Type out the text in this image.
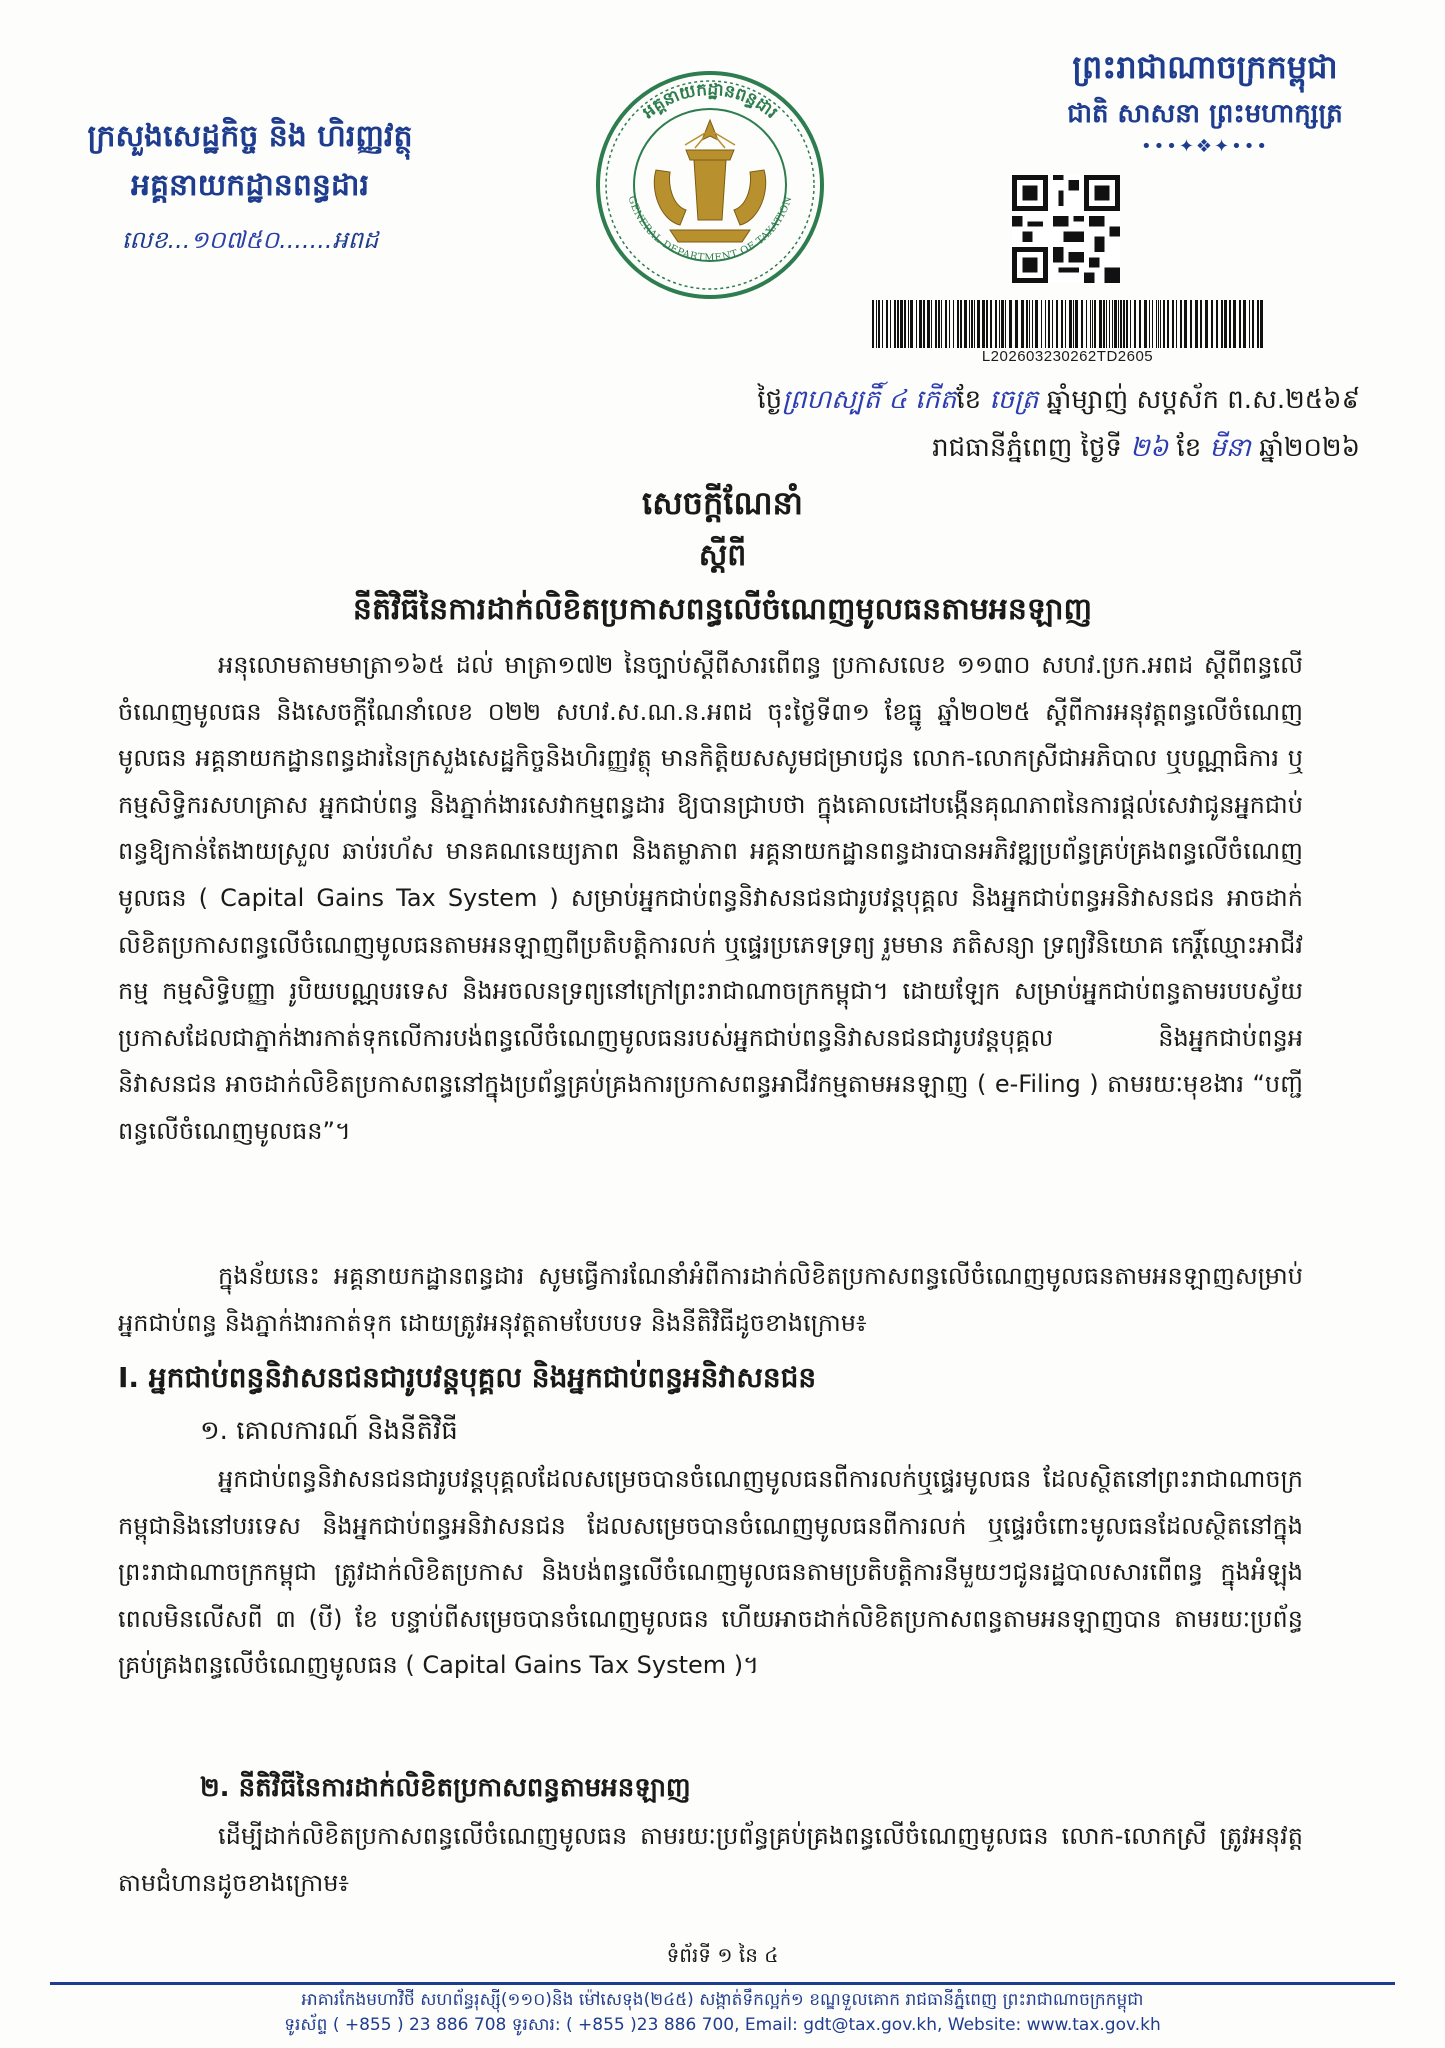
ក្រសួងសេដ្ឋកិច្ច និង ហិរញ្ញវត្ថុ
អគ្គនាយកដ្ឋានពន្ធដារ
លេខ...១០៧៥០.......អពដ
អគ្គនាយកដ្ឋានពន្ធដារ
GENERAL DEPARTMENT OF TAXATION
ព្រះរាជាណាចក្រកម្ពុជា
ជាតិ សាសនា ព្រះមហាក្សត្រ
•••✦❖✦•••
L202603230262TD2605
ថ្ងៃព្រហស្បតិ៍ ៤ កើតខែ ចេត្រ ឆ្នាំម្សាញ់ សប្តស័ក ព.ស.២៥៦៩
រាជធានីភ្នំពេញ ថ្ងៃទី ២៦ ខែ មីនា ឆ្នាំ២០២៦
សេចក្តីណែនាំ
ស្តីពី
នីតិវិធីនៃការដាក់លិខិតប្រកាសពន្ធលើចំណេញមូលធនតាមអនឡាញ
អនុលោមតាមមាត្រា១៦៥ ដល់ មាត្រា១៧២ នៃច្បាប់ស្តីពីសារពើពន្ធ ប្រកាសលេខ ១១៣០ សហវ.ប្រក.អពដ ស្តីពីពន្ធលើចំណេញមូលធន និងសេចក្តីណែនាំលេខ ០២២ សហវ.ស.ណ.ន.អពដ ចុះថ្ងៃទី៣១ ខែធ្នូ ឆ្នាំ២០២៥ ស្តីពីការអនុវត្តពន្ធលើចំណេញមូលធន អគ្គនាយកដ្ឋានពន្ធដារនៃក្រសួងសេដ្ឋកិច្ចនិងហិរញ្ញវត្ថុ មានកិត្តិយសសូមជម្រាបជូន លោក-លោកស្រីជាអភិបាល ឬបណ្ណាធិការ ឬកម្មសិទ្ធិករសហគ្រាស អ្នកជាប់ពន្ធ និងភ្នាក់ងារសេវាកម្មពន្ធដារ ឱ្យបានជ្រាបថា ក្នុងគោលដៅបង្កើនគុណភាពនៃការផ្តល់សេវាជូនអ្នកជាប់ពន្ធឱ្យកាន់តែងាយស្រួល ឆាប់រហ័ស មានគណនេយ្យភាព និងតម្លាភាព អគ្គនាយកដ្ឋានពន្ធដារបានអភិវឌ្ឍប្រព័ន្ធគ្រប់គ្រងពន្ធលើចំណេញមូលធន ( Capital Gains Tax System ) សម្រាប់អ្នកជាប់ពន្ធនិវាសនជនជារូបវន្តបុគ្គល និងអ្នកជាប់ពន្ធអនិវាសនជន អាចដាក់លិខិតប្រកាសពន្ធលើចំណេញមូលធនតាមអនឡាញពីប្រតិបត្តិការលក់ ឬផ្ទេរប្រភេទទ្រព្យ រួមមាន ភតិសន្យា ទ្រព្យវិនិយោគ កេរ្តិ៍ឈ្មោះអាជីវកម្ម កម្មសិទ្ធិបញ្ញា រូបិយបណ្ណបរទេស និងអចលនទ្រព្យនៅក្រៅព្រះរាជាណាចក្រកម្ពុជា។ ដោយឡែក សម្រាប់អ្នកជាប់ពន្ធតាមរបបស្វ័យប្រកាសដែលជាភ្នាក់ងារកាត់ទុកលើការបង់ពន្ធលើចំណេញមូលធនរបស់អ្នកជាប់ពន្ធនិវាសនជនជារូបវន្តបុគ្គល និងអ្នកជាប់ពន្ធអនិវាសនជន អាចដាក់លិខិតប្រកាសពន្ធនៅក្នុងប្រព័ន្ធគ្រប់គ្រងការប្រកាសពន្ធអាជីវកម្មតាមអនឡាញ ( e-Filing ) តាមរយៈមុខងារ “បញ្ជីពន្ធលើចំណេញមូលធន”។
ក្នុងន័យនេះ អគ្គនាយកដ្ឋានពន្ធដារ សូមធ្វើការណែនាំអំពីការដាក់លិខិតប្រកាសពន្ធលើចំណេញមូលធនតាមអនឡាញសម្រាប់អ្នកជាប់ពន្ធ និងភ្នាក់ងារកាត់ទុក ដោយត្រូវអនុវត្តតាមបែបបទ និងនីតិវិធីដូចខាងក្រោម៖
I. អ្នកជាប់ពន្ធនិវាសនជនជារូបវន្តបុគ្គល និងអ្នកជាប់ពន្ធអនិវាសនជន
១. គោលការណ៍ និងនីតិវិធី
អ្នកជាប់ពន្ធនិវាសនជនជារូបវន្តបុគ្គលដែលសម្រេចបានចំណេញមូលធនពីការលក់ឬផ្ទេរមូលធន ដែលស្ថិតនៅព្រះរាជាណាចក្រកម្ពុជានិងនៅបរទេស និងអ្នកជាប់ពន្ធអនិវាសនជន ដែលសម្រេចបានចំណេញមូលធនពីការលក់ ឬផ្ទេរចំពោះមូលធនដែលស្ថិតនៅក្នុងព្រះរាជាណាចក្រកម្ពុជា ត្រូវដាក់លិខិតប្រកាស និងបង់ពន្ធលើចំណេញមូលធនតាមប្រតិបត្តិការនីមួយៗជូនរដ្ឋបាលសារពើពន្ធ ក្នុងអំឡុងពេលមិនលើសពី ៣ (បី) ខែ បន្ទាប់ពីសម្រេចបានចំណេញមូលធន ហើយអាចដាក់លិខិតប្រកាសពន្ធតាមអនឡាញបាន តាមរយៈប្រព័ន្ធគ្រប់គ្រងពន្ធលើចំណេញមូលធន ( Capital Gains Tax System )។
២. នីតិវិធីនៃការដាក់លិខិតប្រកាសពន្ធតាមអនឡាញ
ដើម្បីដាក់លិខិតប្រកាសពន្ធលើចំណេញមូលធន តាមរយៈប្រព័ន្ធគ្រប់គ្រងពន្ធលើចំណេញមូលធន លោក-លោកស្រី ត្រូវអនុវត្តតាមជំហានដូចខាងក្រោម៖
ទំព័រទី ១ នៃ ៤
អាគារកែងមហាវិថី សហព័ន្ធរុស្ស៊ី(១១០)និង ម៉ៅសេទុង(២៤៥) សង្កាត់ទឹកល្អក់១ ខណ្ឌទួលគោក រាជធានីភ្នំពេញ ព្រះរាជាណាចក្រកម្ពុជា
ទូរស័ព្ទ ( +855 ) 23 886 708 ទូរសារ: ( +855 )23 886 700, Email: gdt@tax.gov.kh, Website: www.tax.gov.kh
